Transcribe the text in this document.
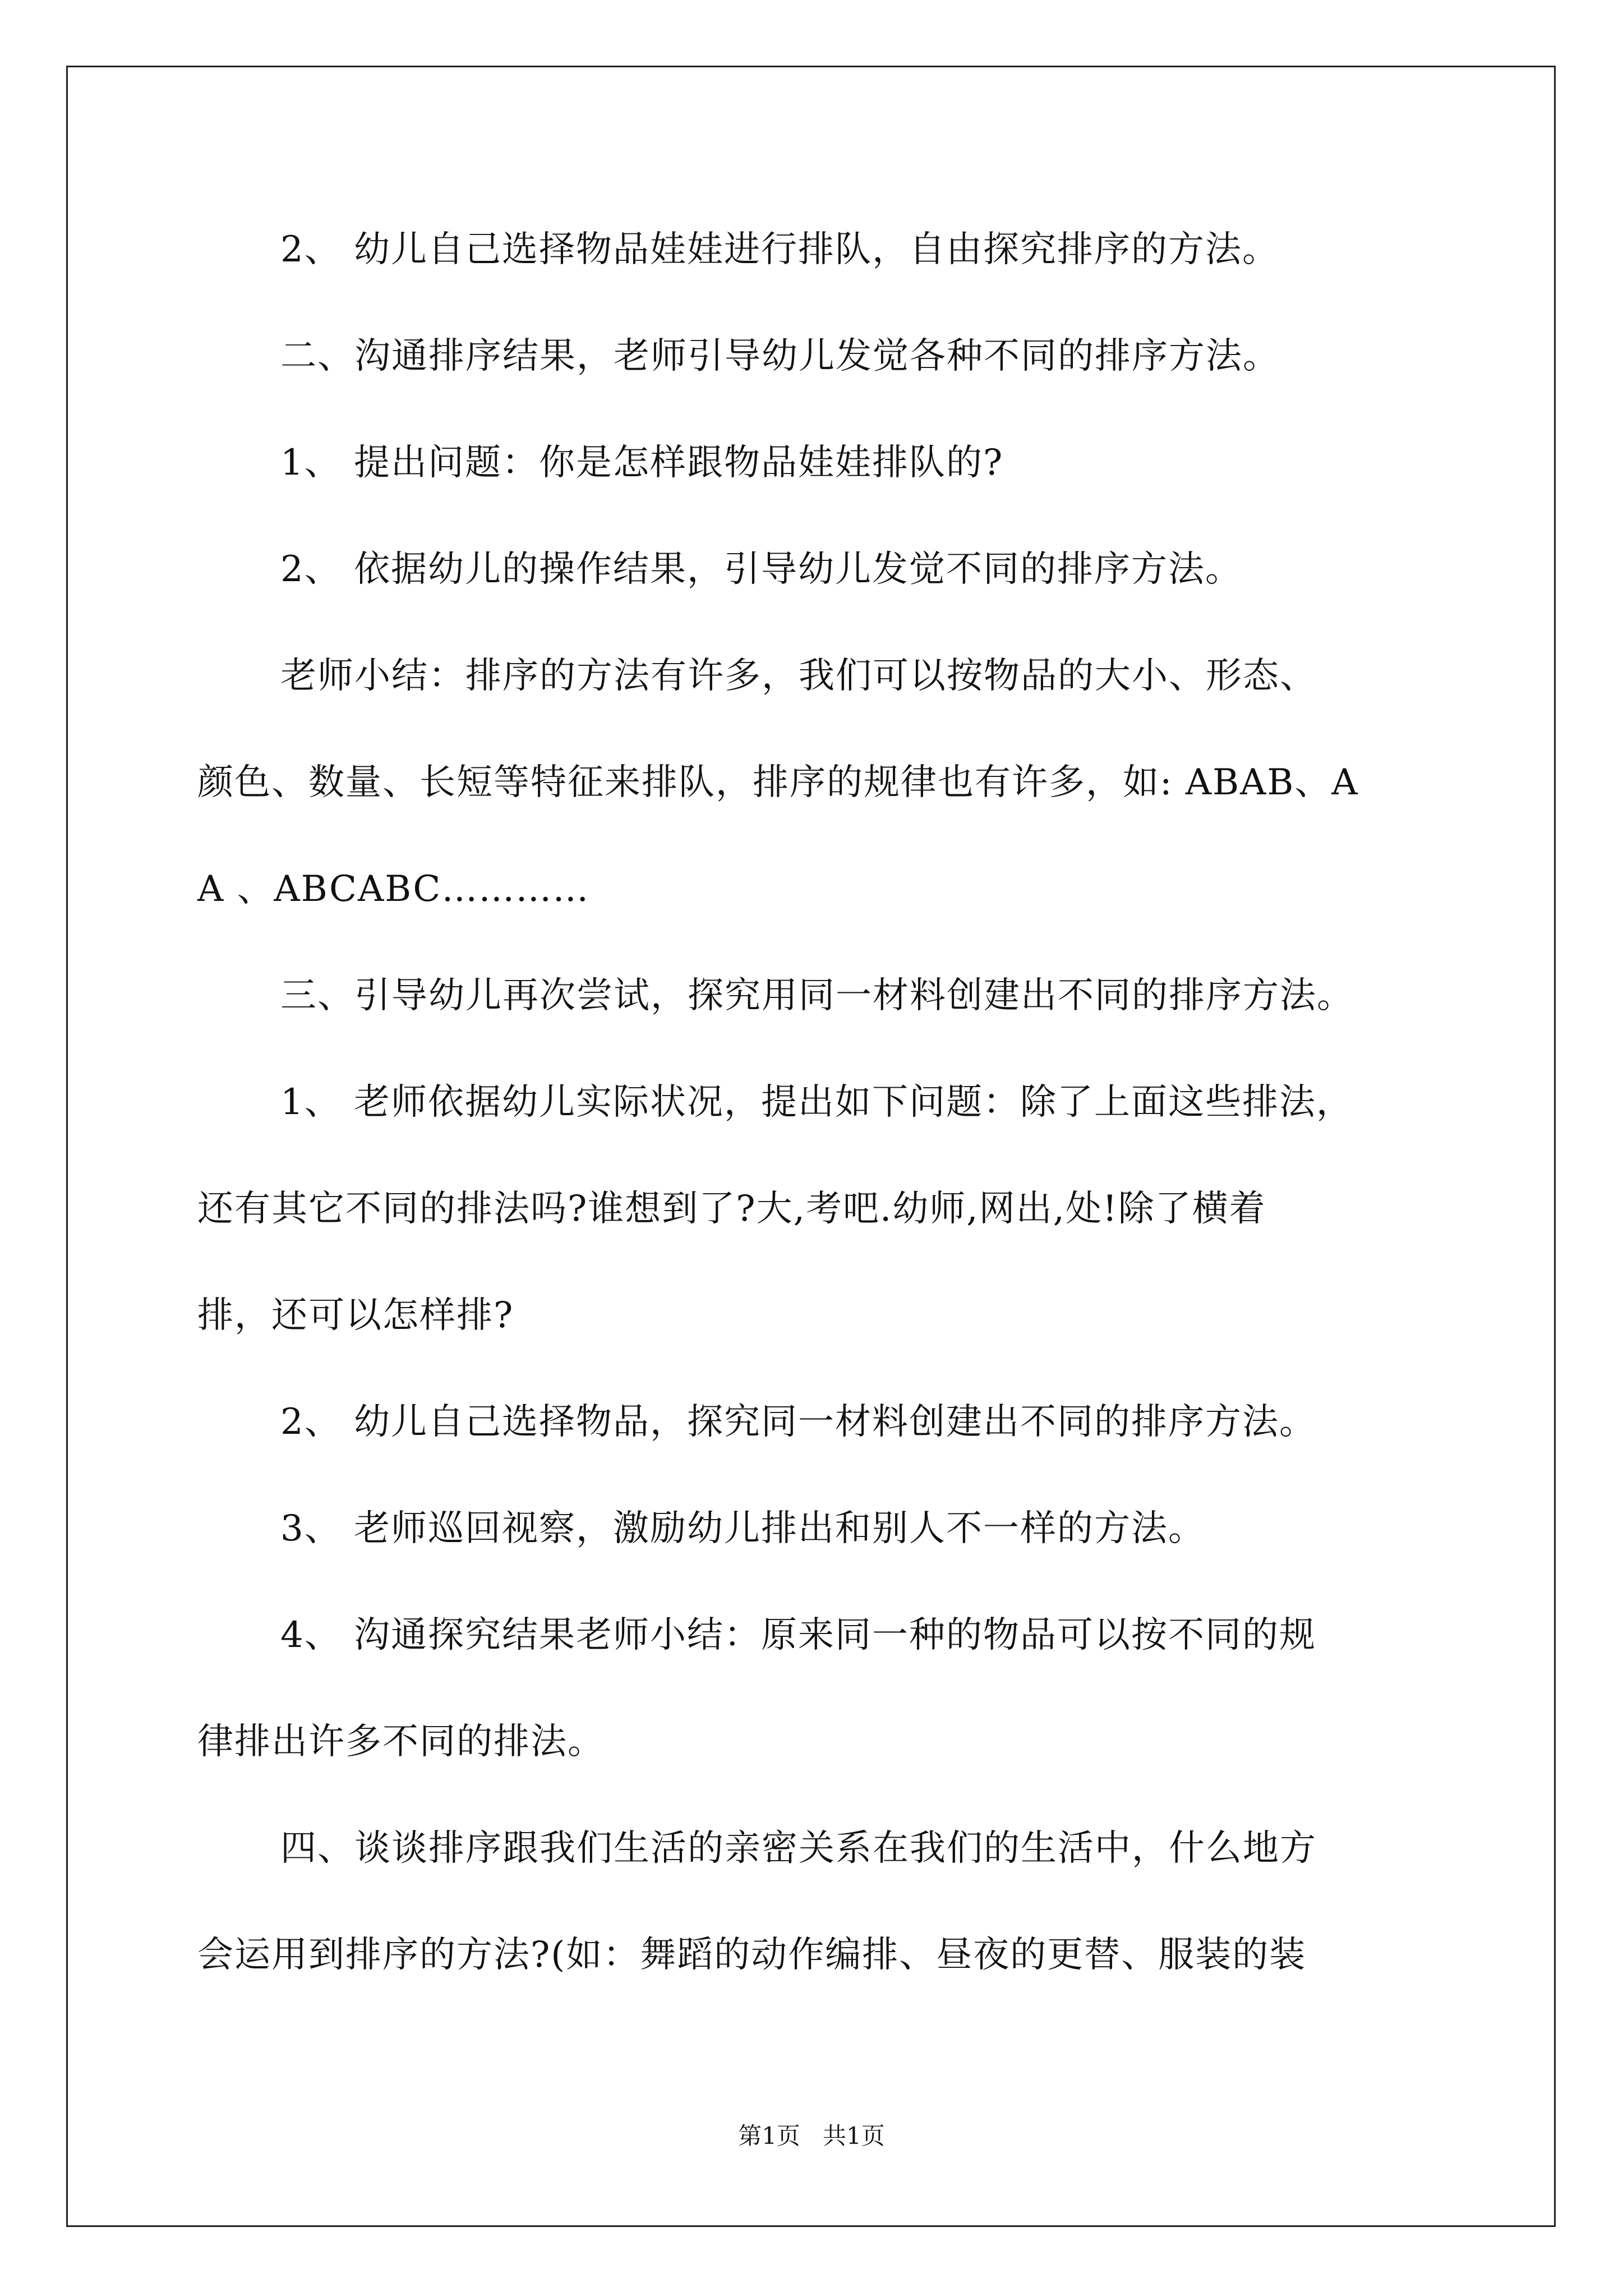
2、 幼儿自己选择物品娃娃进行排队，自由探究排序的方法。
二、沟通排序结果，老师引导幼儿发觉各种不同的排序方法。
1、 提出问题：你是怎样跟物品娃娃排队的?
2、 依据幼儿的操作结果，引导幼儿发觉不同的排序方法。
老师小结：排序的方法有许多，我们可以按物品的大小、形态、
颜色、数量、长短等特征来排队，排序的规律也有许多，如: ABAB、A
A 、ABCABC…………
三、引导幼儿再次尝试，探究用同一材料创建出不同的排序方法。
1、 老师依据幼儿实际状况，提出如下问题：除了上面这些排法，
还有其它不同的排法吗?谁想到了?大,考吧.幼师,网出,处!除了横着
排，还可以怎样排?
2、 幼儿自己选择物品，探究同一材料创建出不同的排序方法。
3、 老师巡回视察，激励幼儿排出和别人不一样的方法。
4、 沟通探究结果老师小结：原来同一种的物品可以按不同的规
律排出许多不同的排法。
四、谈谈排序跟我们生活的亲密关系在我们的生活中，什么地方
会运用到排序的方法?(如：舞蹈的动作编排、昼夜的更替、服装的装
第1页   共1页
